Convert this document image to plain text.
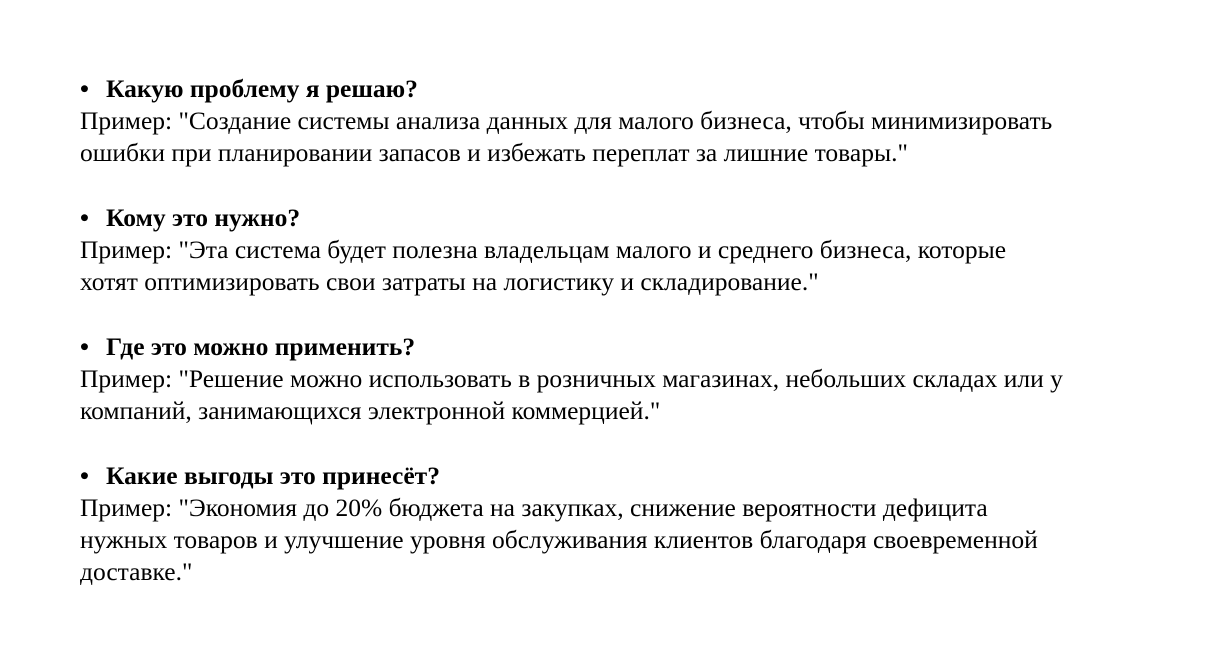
• Какую проблему я решаю?
Пример: "Создание системы анализа данных для малого бизнеса, чтобы минимизировать
ошибки при планировании запасов и избежать переплат за лишние товары."
• Кому это нужно?
Пример: "Эта система будет полезна владельцам малого и среднего бизнеса, которые
хотят оптимизировать свои затраты на логистику и складирование."
• Где это можно применить?
Пример: "Решение можно использовать в розничных магазинах, небольших складах или у
компаний, занимающихся электронной коммерцией."
• Какие выгоды это принесёт?
Пример: "Экономия до 20% бюджета на закупках, снижение вероятности дефицита
нужных товаров и улучшение уровня обслуживания клиентов благодаря своевременной
доставке."
